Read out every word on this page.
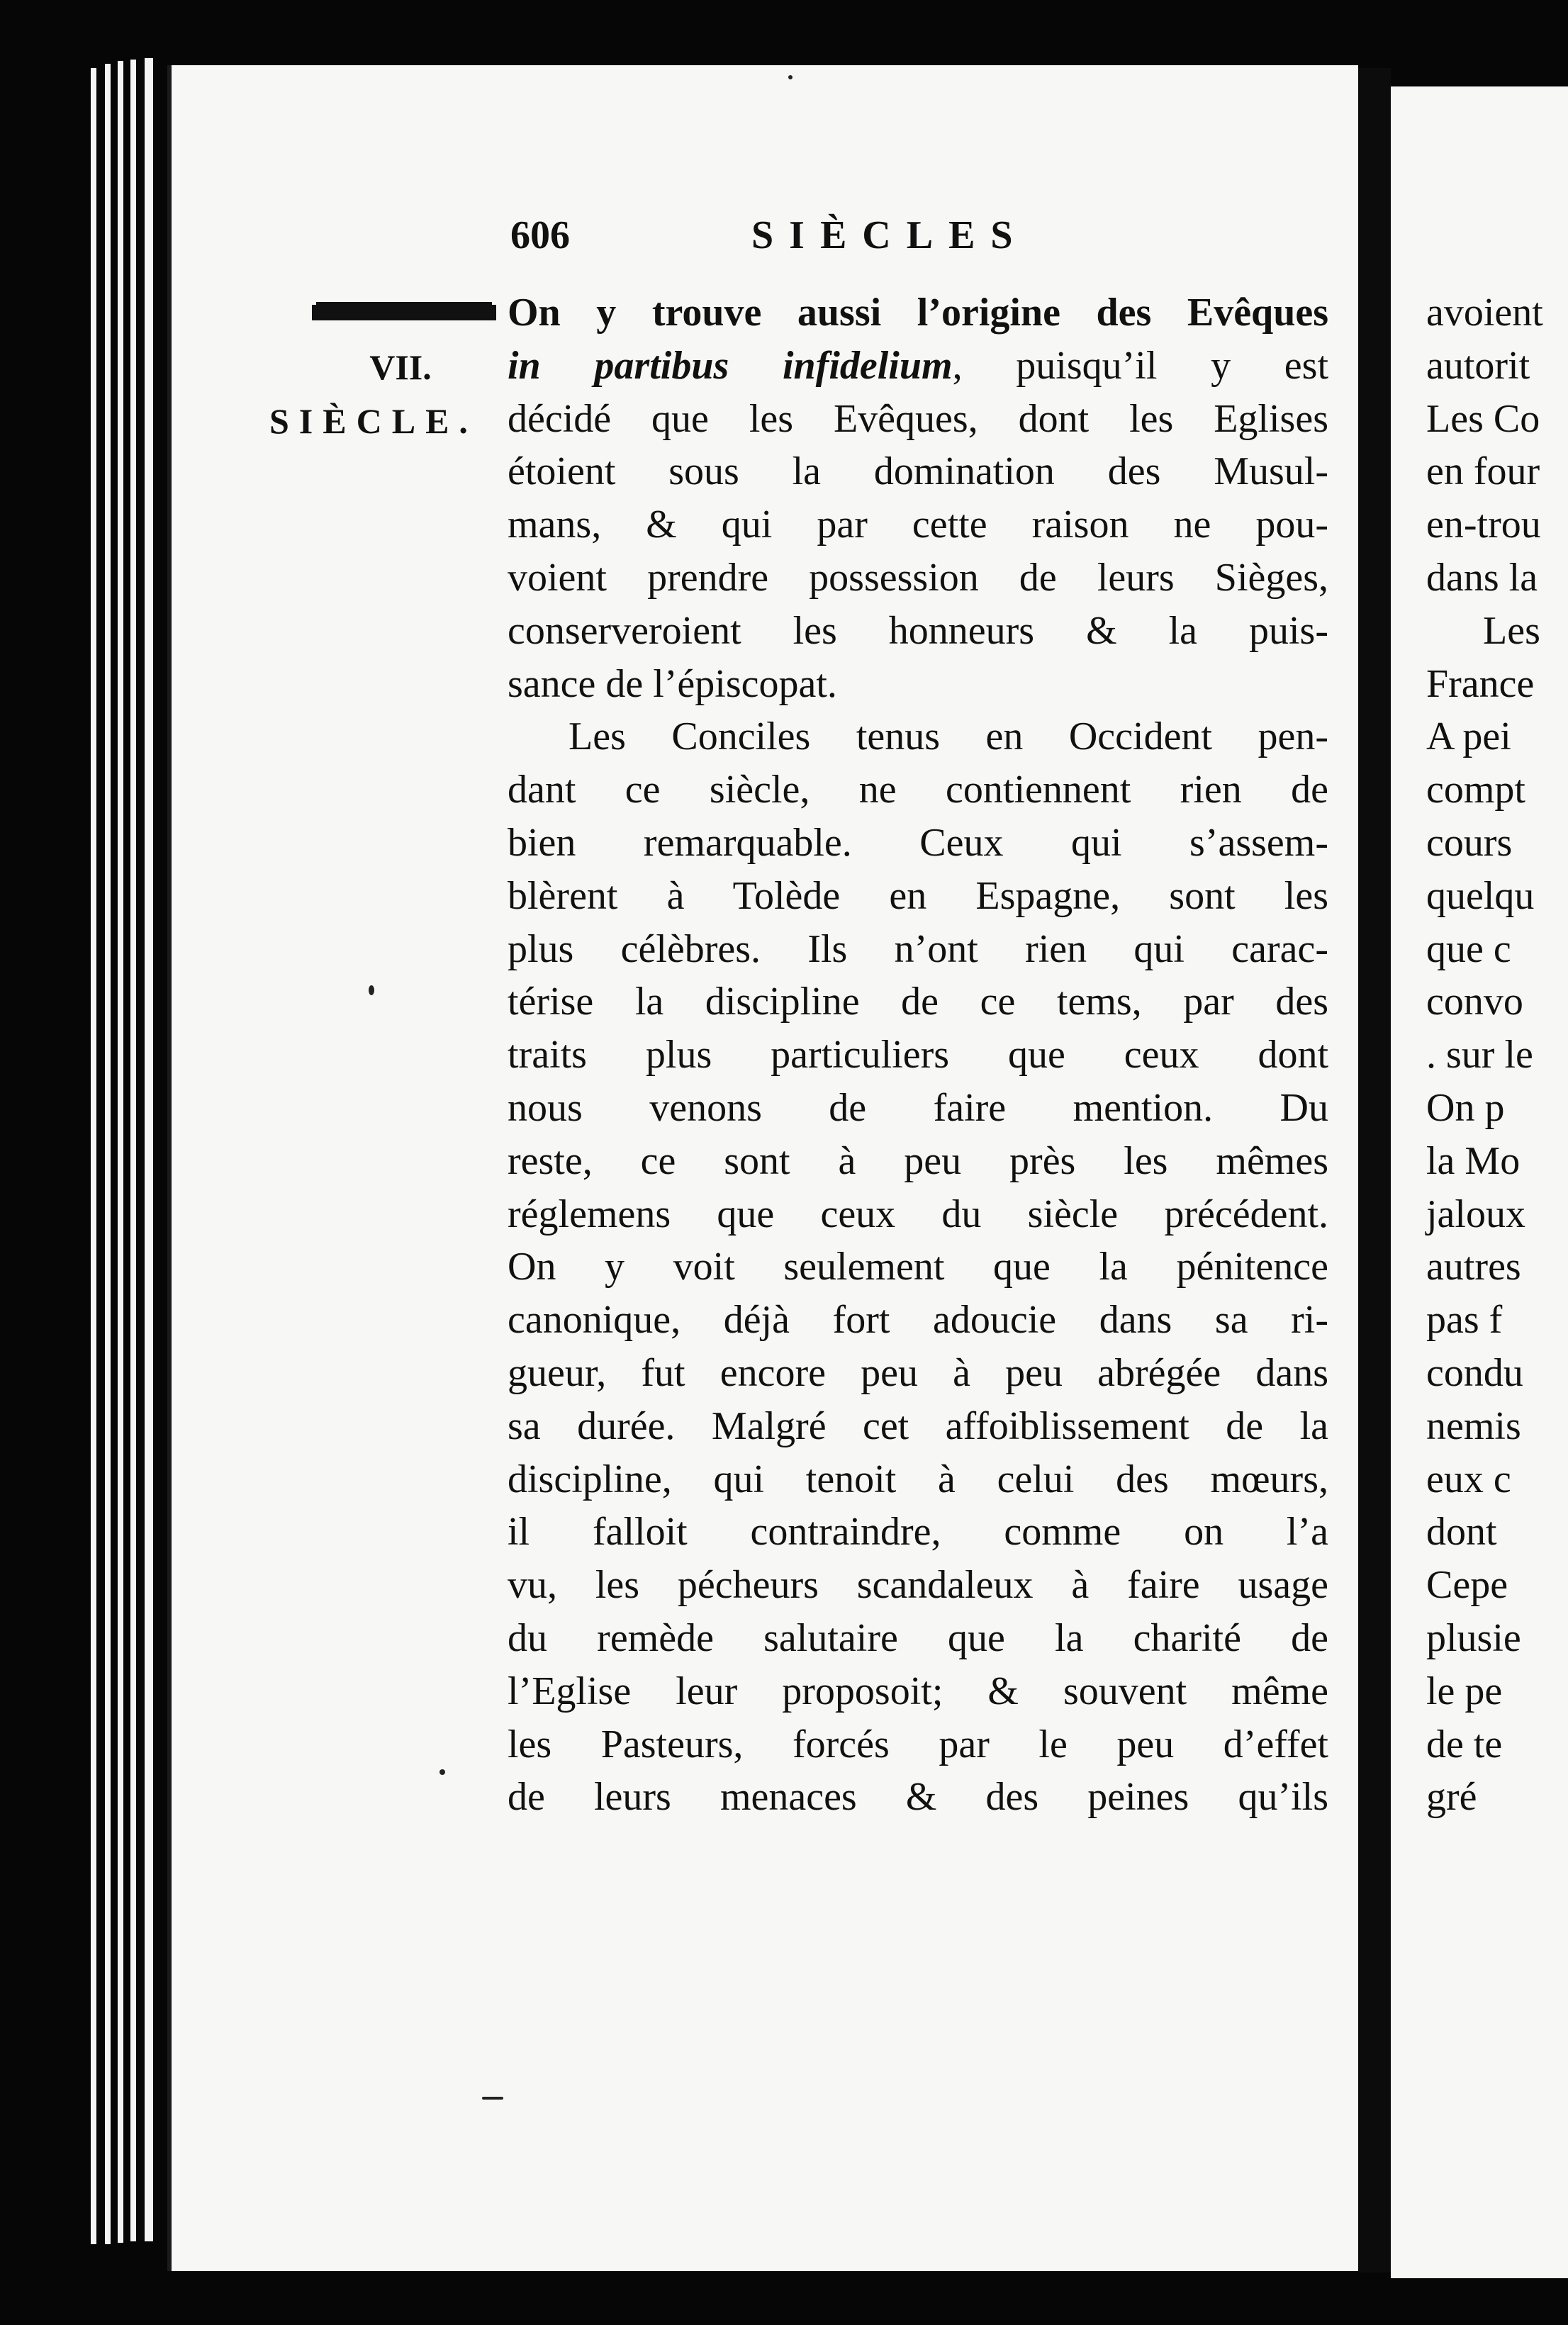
606	SIÈCLES
VII.
SIÈCLE.
On y trouve aussi l’origine des Evêques
in partibus infidelium, puisqu’il y est
décidé que les Evêques, dont les Eglises
étoient sous la domination des Musul-
mans, & qui par cette raison ne pou-
voient prendre possession de leurs Sièges,
conserveroient les honneurs & la puis-
sance de l’épiscopat.
Les Conciles tenus en Occident pen-
dant ce siècle, ne contiennent rien de
bien remarquable. Ceux qui s’assem-
blèrent à Tolède en Espagne, sont les
plus célèbres. Ils n’ont rien qui carac-
térise la discipline de ce tems, par des
traits plus particuliers que ceux dont
nous venons de faire mention. Du
reste, ce sont à peu près les mêmes
réglemens que ceux du siècle précédent.
On y voit seulement que la pénitence
canonique, déjà fort adoucie dans sa ri-
gueur, fut encore peu à peu abrégée dans
sa durée. Malgré cet affoiblissement de la
discipline, qui tenoit à celui des mœurs,
il falloit contraindre, comme on l’a
vu, les pécheurs scandaleux à faire usage
du remède salutaire que la charité de
l’Eglise leur proposoit; & souvent même
les Pasteurs, forcés par le peu d’effet
de leurs menaces & des peines qu’ils
avoient
autorit
Les Co
en four
en-trou
dans la
Les
France
A pei
compt
cours
quelqu
que c
convo
. sur le
On p
la Mo
jaloux
autres
pas f
condu
nemis
eux c
dont
Cepe
plusie
le pe
de te
gré
